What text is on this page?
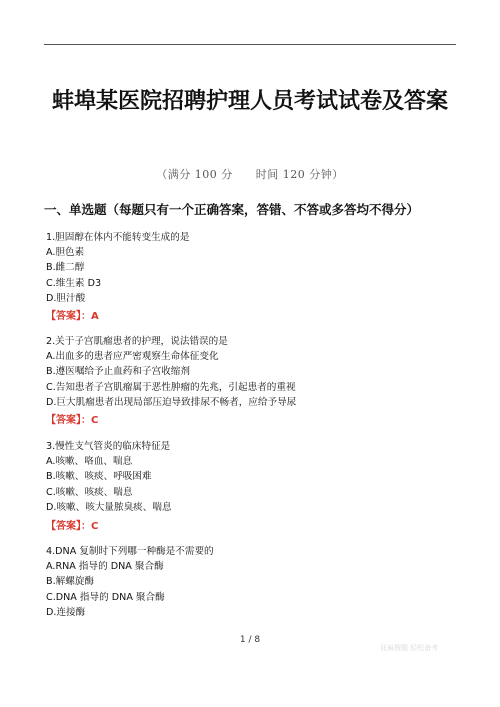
蚌埠某医院招聘护理人员考试试卷及答案
（满分 100 分　　时间 120 分钟）
一、单选题（每题只有一个正确答案，答错、不答或多答均不得分）
1.胆固醇在体内不能转变生成的是
A.胆色素
B.雌二醇
C.维生素 D3
D.胆汁酸
【答案】：A
2.关于子宫肌瘤患者的护理，说法错误的是
A.出血多的患者应严密观察生命体征变化
B.遵医嘱给予止血药和子宫收缩剂
C.告知患者子宫肌瘤属于恶性肿瘤的先兆，引起患者的重视
D.巨大肌瘤患者出现局部压迫导致排尿不畅者，应给予导尿
【答案】：C
3.慢性支气管炎的临床特征是
A.咳嗽、咯血、喘息
B.咳嗽、咳痰、呼吸困难
C.咳嗽、咳痰、喘息
D.咳嗽、咳大量脓臭痰、喘息
【答案】：C
4.DNA 复制时下列哪一种酶是不需要的
A.RNA 指导的 DNA 聚合酶
B.解螺旋酶
C.DNA 指导的 DNA 聚合酶
D.连接酶
1 / 8
亚麻搜题 轻松备考
